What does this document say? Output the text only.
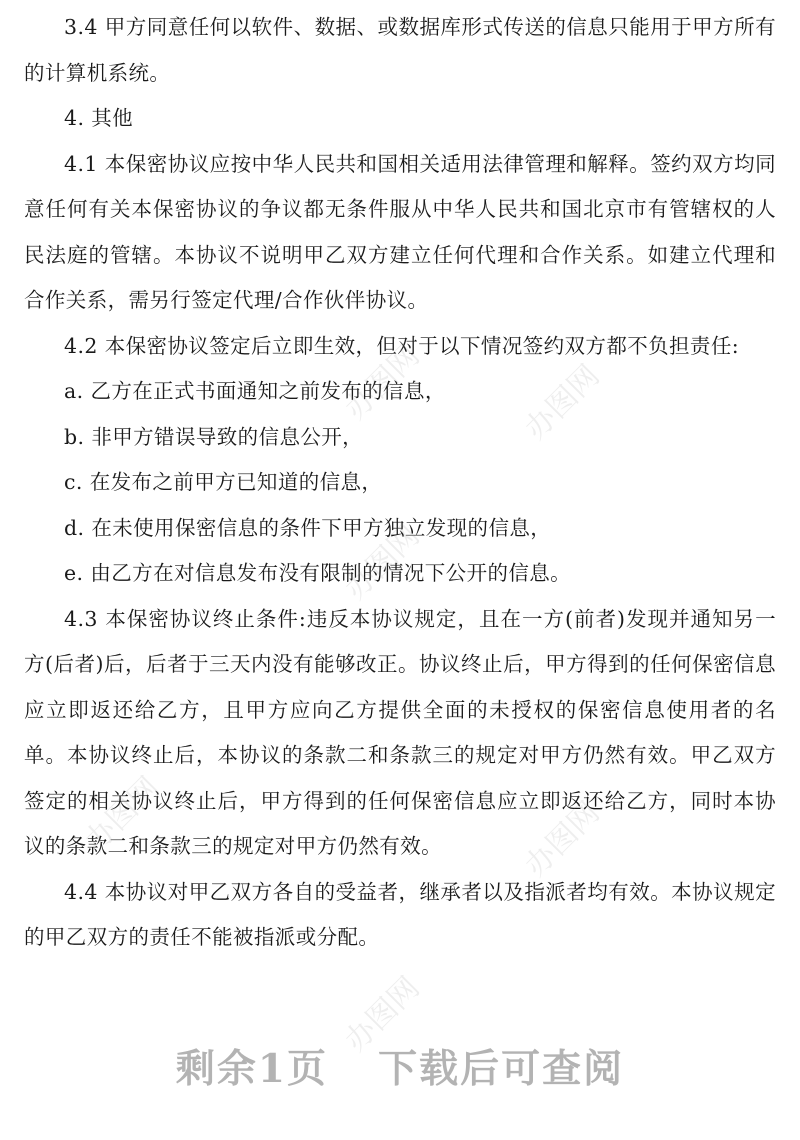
3.4 甲方同意任何以软件、数据、或数据库形式传送的信息只能用于甲方所有的计算机系统。

4. 其他

4.1 本保密协议应按中华人民共和国相关适用法律管理和解释。签约双方均同意任何有关本保密协议的争议都无条件服从中华人民共和国北京市有管辖权的人民法庭的管辖。本协议不说明甲乙双方建立任何代理和合作关系。如建立代理和合作关系，需另行签定代理/合作伙伴协议。

4.2 本保密协议签定后立即生效，但对于以下情况签约双方都不负担责任:

a. 乙方在正式书面通知之前发布的信息，

b. 非甲方错误导致的信息公开，

c. 在发布之前甲方已知道的信息，

d. 在未使用保密信息的条件下甲方独立发现的信息，

e. 由乙方在对信息发布没有限制的情况下公开的信息。

4.3 本保密协议终止条件:违反本协议规定，且在一方(前者)发现并通知另一方(后者)后，后者于三天内没有能够改正。协议终止后，甲方得到的任何保密信息应立即返还给乙方，且甲方应向乙方提供全面的未授权的保密信息使用者的名单。本协议终止后，本协议的条款二和条款三的规定对甲方仍然有效。甲乙双方签定的相关协议终止后，甲方得到的任何保密信息应立即返还给乙方，同时本协议的条款二和条款三的规定对甲方仍然有效。

4.4 本协议对甲乙双方各自的受益者，继承者以及指派者均有效。本协议规定的甲乙双方的责任不能被指派或分配。

办图网	办图网
办图网
办图网	办图网
办图网
剩余1页 下载后可查阅
